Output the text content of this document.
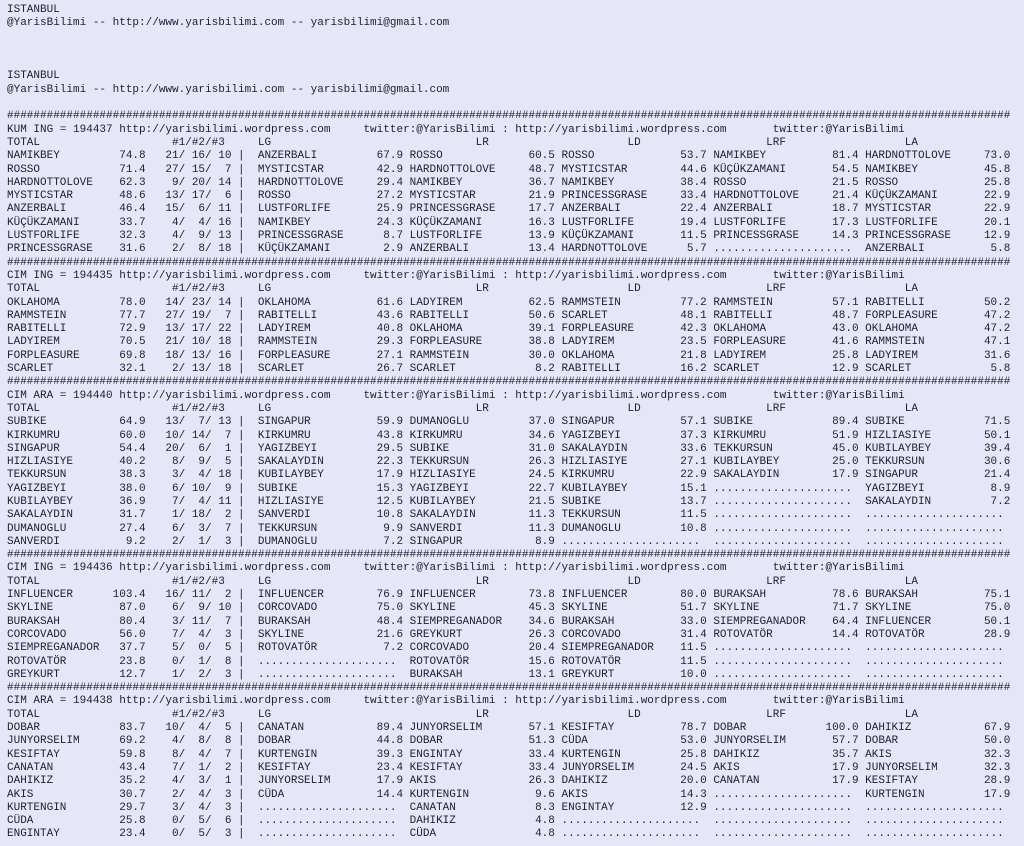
ISTANBUL
@YarisBilimi -- http://www.yarisbilimi.com -- yarisbilimi@gmail.com

ISTANBUL
@YarisBilimi -- http://www.yarisbilimi.com -- yarisbilimi@gmail.com

########################################################################################################################################################
KUM ING = 194437 http://yarisbilimi.wordpress.com     twitter:@YarisBilimi : http://yarisbilimi.wordpress.com       twitter:@YarisBilimi
TOTAL                    #1/#2/#3     LG                               LR                     LD                   LRF                  LA
NAMIKBEY         74.8   21/ 16/ 10 |  ANZERBALI         67.9 ROSSO             60.5 ROSSO             53.7 NAMIKBEY          81.4 HARDNOTTOLOVE     73.0
ROSSO            71.4   27/ 15/  7 |  MYSTICSTAR        42.9 HARDNOTTOLOVE     48.7 MYSTICSTAR        44.6 KÜÇÜKZAMANI       54.5 NAMIKBEY          45.8
HARDNOTTOLOVE    62.3    9/ 20/ 14 |  HARDNOTTOLOVE     29.4 NAMIKBEY          36.7 NAMIKBEY          38.4 ROSSO             21.5 ROSSO             25.8
MYSTICSTAR       48.6   13/ 17/  6 |  ROSSO             27.2 MYSTICSTAR        21.9 PRINCESSGRASE     33.4 HARDNOTTOLOVE     21.4 KÜÇÜKZAMANI       22.9
ANZERBALI        46.4   15/  6/ 11 |  LUSTFORLIFE       25.9 PRINCESSGRASE     17.7 ANZERBALI         22.4 ANZERBALI         18.7 MYSTICSTAR        22.9
KÜÇÜKZAMANI      33.7    4/  4/ 16 |  NAMIKBEY          24.3 KÜÇÜKZAMANI       16.3 LUSTFORLIFE       19.4 LUSTFORLIFE       17.3 LUSTFORLIFE       20.1
LUSTFORLIFE      32.3    4/  9/ 13 |  PRINCESSGRASE      8.7 LUSTFORLIFE       13.9 KÜÇÜKZAMANI       11.5 PRINCESSGRASE     14.3 PRINCESSGRASE     12.9
PRINCESSGRASE    31.6    2/  8/ 18 |  KÜÇÜKZAMANI        2.9 ANZERBALI         13.4 HARDNOTTOLOVE      5.7 .....................  ANZERBALI          5.8
########################################################################################################################################################
CIM ING = 194435 http://yarisbilimi.wordpress.com     twitter:@YarisBilimi : http://yarisbilimi.wordpress.com       twitter:@YarisBilimi
TOTAL                    #1/#2/#3     LG                               LR                     LD                   LRF                  LA
OKLAHOMA         78.0   14/ 23/ 14 |  OKLAHOMA          61.6 LADYIREM          62.5 RAMMSTEIN         77.2 RAMMSTEIN         57.1 RABITELLI         50.2
RAMMSTEIN        77.7   27/ 19/  7 |  RABITELLI         43.6 RABITELLI         50.6 SCARLET           48.1 RABITELLI         48.7 FORPLEASURE       47.2
RABITELLI        72.9   13/ 17/ 22 |  LADYIREM          40.8 OKLAHOMA          39.1 FORPLEASURE       42.3 OKLAHOMA          43.0 OKLAHOMA          47.2
LADYIREM         70.5   21/ 10/ 18 |  RAMMSTEIN         29.3 FORPLEASURE       38.8 LADYIREM          23.5 FORPLEASURE       41.6 RAMMSTEIN         47.1
FORPLEASURE      69.8   18/ 13/ 16 |  FORPLEASURE       27.1 RAMMSTEIN         30.0 OKLAHOMA          21.8 LADYIREM          25.8 LADYIREM          31.6
SCARLET          32.1    2/ 13/ 18 |  SCARLET           26.7 SCARLET            8.2 RABITELLI         16.2 SCARLET           12.9 SCARLET            5.8
########################################################################################################################################################
CIM ARA = 194440 http://yarisbilimi.wordpress.com     twitter:@YarisBilimi : http://yarisbilimi.wordpress.com       twitter:@YarisBilimi
TOTAL                    #1/#2/#3     LG                               LR                     LD                   LRF                  LA
SUBIKE           64.9   13/  7/ 13 |  SINGAPUR          59.9 DUMANOGLU         37.0 SINGAPUR          57.1 SUBIKE            89.4 SUBIKE            71.5
KIRKUMRU         60.0   10/ 14/  7 |  KIRKUMRU          43.8 KIRKUMRU          34.6 YAGIZBEYI         37.3 KIRKUMRU          51.9 HIZLIASIYE        50.1
SINGAPUR         54.4   20/  6/  1 |  YAGIZBEYI         29.5 SUBIKE            31.0 SAKALAYDIN        33.6 TEKKURSUN         45.0 KUBILAYBEY        39.4
HIZLIASIYE       40.2    8/  9/  5 |  SAKALAYDIN        22.3 TEKKURSUN         26.3 HIZLIASIYE        27.1 KUBILAYBEY        25.0 TEKKURSUN         30.6
TEKKURSUN        38.3    3/  4/ 18 |  KUBILAYBEY        17.9 HIZLIASIYE        24.5 KIRKUMRU          22.9 SAKALAYDIN        17.9 SINGAPUR          21.4
YAGIZBEYI        38.0    6/ 10/  9 |  SUBIKE            15.3 YAGIZBEYI         22.7 KUBILAYBEY        15.1 .....................  YAGIZBEYI          8.9
KUBILAYBEY       36.9    7/  4/ 11 |  HIZLIASIYE        12.5 KUBILAYBEY        21.5 SUBIKE            13.7 .....................  SAKALAYDIN         7.2
SAKALAYDIN       31.7    1/ 18/  2 |  SANVERDI          10.8 SAKALAYDIN        11.3 TEKKURSUN         11.5 .....................  .....................
DUMANOGLU        27.4    6/  3/  7 |  TEKKURSUN          9.9 SANVERDI          11.3 DUMANOGLU         10.8 .....................  .....................
SANVERDI          9.2    2/  1/  3 |  DUMANOGLU          7.2 SINGAPUR           8.9 .....................  .....................  .....................
########################################################################################################################################################
CIM ING = 194436 http://yarisbilimi.wordpress.com     twitter:@YarisBilimi : http://yarisbilimi.wordpress.com       twitter:@YarisBilimi
TOTAL                    #1/#2/#3     LG                               LR                     LD                   LRF                  LA
INFLUENCER      103.4   16/ 11/  2 |  INFLUENCER        76.9 INFLUENCER        73.8 INFLUENCER        80.0 BURAKSAH          78.6 BURAKSAH          75.1
SKYLINE          87.0    6/  9/ 10 |  CORCOVADO         75.0 SKYLINE           45.3 SKYLINE           51.7 SKYLINE           71.7 SKYLINE           75.0
BURAKSAH         80.4    3/ 11/  7 |  BURAKSAH          48.4 SIEMPREGANADOR    34.6 BURAKSAH          33.0 SIEMPREGANADOR    64.4 INFLUENCER        50.1
CORCOVADO        56.0    7/  4/  3 |  SKYLINE           21.6 GREYKURT          26.3 CORCOVADO         31.4 ROTOVATÖR         14.4 ROTOVATÖR         28.9
SIEMPREGANADOR   37.7    5/  0/  5 |  ROTOVATÖR          7.2 CORCOVADO         20.4 SIEMPREGANADOR    11.5 .....................  .....................
ROTOVATÖR        23.8    0/  1/  8 |  .....................  ROTOVATÖR         15.6 ROTOVATÖR         11.5 .....................  .....................
GREYKURT         12.7    1/  2/  3 |  .....................  BURAKSAH          13.1 GREYKURT          10.0 .....................  .....................
########################################################################################################################################################
CIM ARA = 194438 http://yarisbilimi.wordpress.com     twitter:@YarisBilimi : http://yarisbilimi.wordpress.com       twitter:@YarisBilimi
TOTAL                    #1/#2/#3     LG                               LR                     LD                   LRF                  LA
DOBAR            83.7   10/  4/  5 |  CANATAN           89.4 JUNYORSELIM       57.1 KESIFTAY          78.7 DOBAR            100.0 DAHIKIZ           67.9
JUNYORSELIM      69.2    4/  8/  8 |  DOBAR             44.8 DOBAR             51.3 CÜDA              53.0 JUNYORSELIM       57.7 DOBAR             50.0
KESIFTAY         59.8    8/  4/  7 |  KURTENGIN         39.3 ENGINTAY          33.4 KURTENGIN         25.8 DAHIKIZ           35.7 AKIS              32.3
CANATAN          43.4    7/  1/  2 |  KESIFTAY          23.4 KESIFTAY          33.4 JUNYORSELIM       24.5 AKIS              17.9 JUNYORSELIM       32.3
DAHIKIZ          35.2    4/  3/  1 |  JUNYORSELIM       17.9 AKIS              26.3 DAHIKIZ           20.0 CANATAN           17.9 KESIFTAY          28.9
AKIS             30.7    2/  4/  3 |  CÜDA              14.4 KURTENGIN          9.6 AKIS              14.3 .....................  KURTENGIN         17.9
KURTENGIN        29.7    3/  4/  3 |  .....................  CANATAN            8.3 ENGINTAY          12.9 .....................  .....................
CÜDA             25.8    0/  5/  6 |  .....................  DAHIKIZ            4.8 .....................  .....................  .....................
ENGINTAY         23.4    0/  5/  3 |  .....................  CÜDA               4.8 .....................  .....................  .....................
